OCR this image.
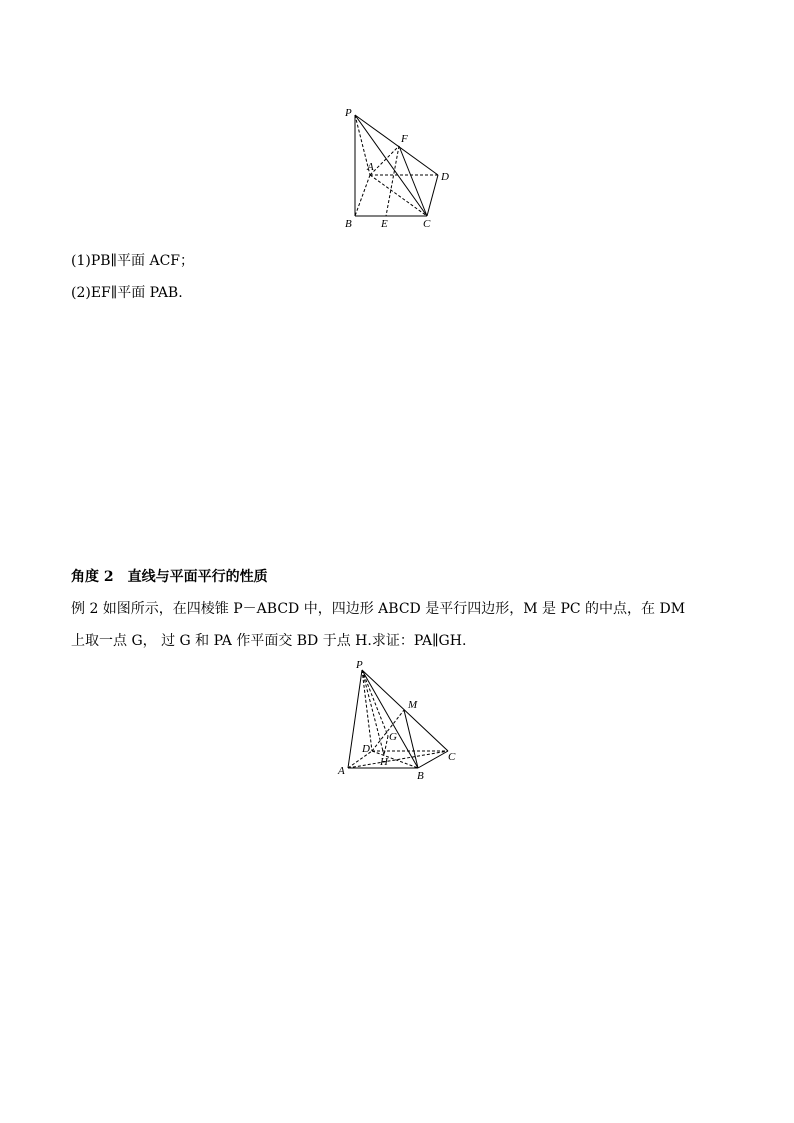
P
F
A
D
B	E	C
(1)PB∥平面 ACF；
(2)EF∥平面 PAB.
角度 2　直线与平面平行的性质
例 2 如图所示，在四棱锥 P－ABCD 中，四边形 ABCD 是平行四边形，M 是 PC 的中点，在 DM
上取一点 G， 过 G 和 PA 作平面交 BD 于点 H.求证：PA∥GH.
P
M
G
D
C
H
A	B
